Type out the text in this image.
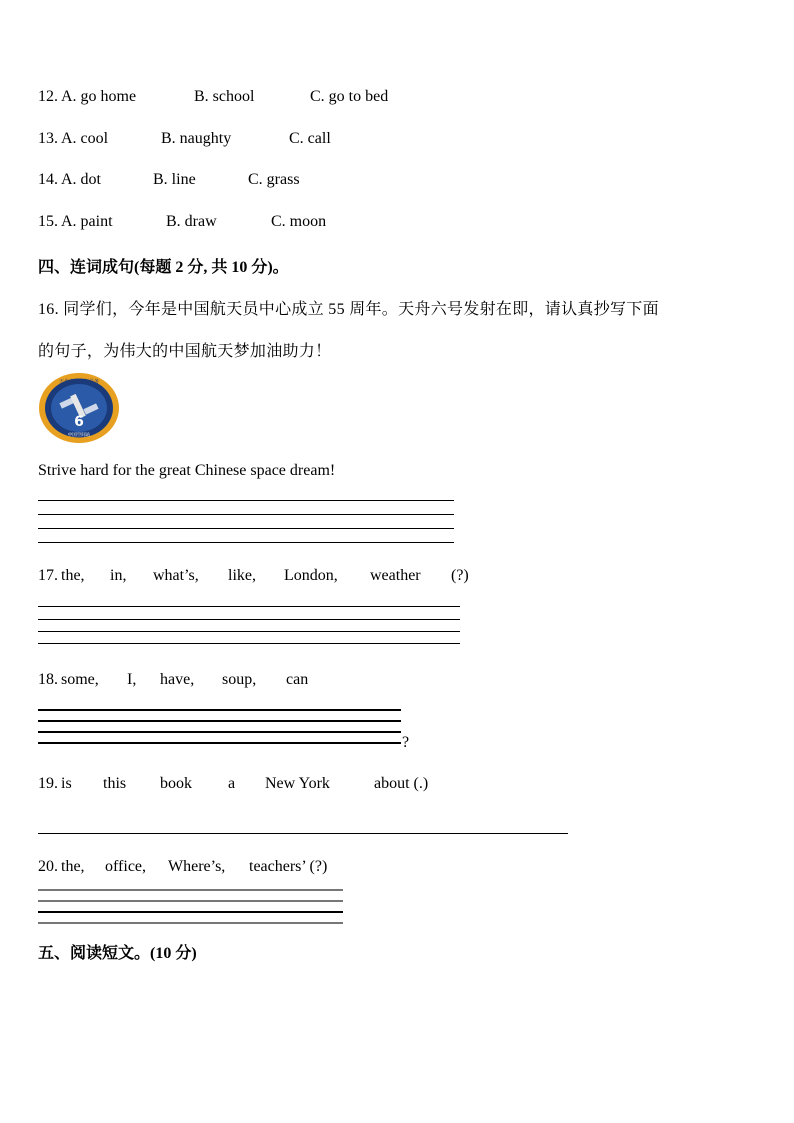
12. A. go home	B. school	C. go to bed
13. A. cool	B. naughty	C. call
14. A. dot	B. line	C. grass
15. A. paint	B. draw	C. moon
四、连词成句(每题 2 分, 共 10 分)。
16. 同学们，今年是中国航天员中心成立 55 周年。天舟六号发射在即，请认真抄写下面
的句子，为伟大的中国航天梦加油助力！
6
天舟六号飞行任务
中国空间站
Strive hard for the great Chinese space dream!
17. the, in, what’s, like, London, weather (?)
18. some, I, have, soup, can
?
19. is this book a New York	about (.)
20. the, office, Where’s, teachers’ (?)
五、阅读短文。(10 分)
